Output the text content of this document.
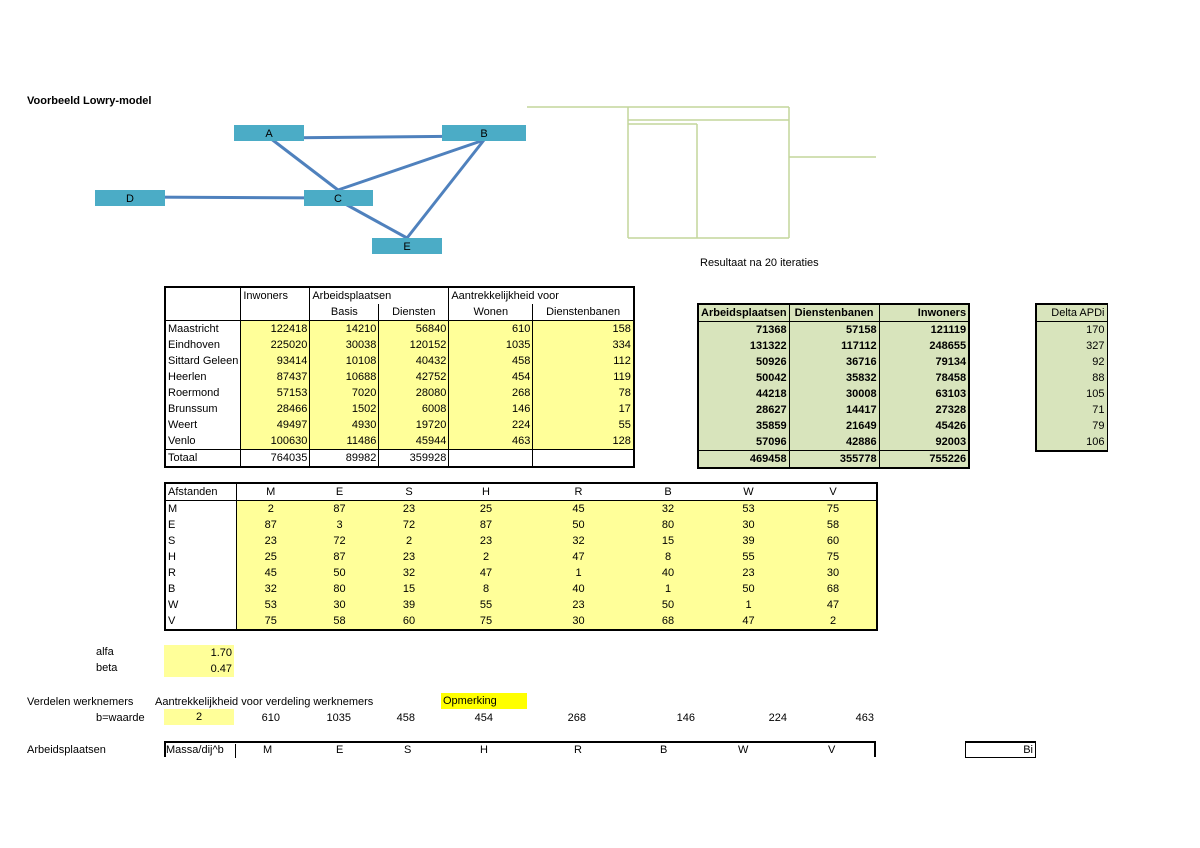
Voorbeeld Lowry-model
A	B
C
D
E
Resultaat na 20 iteraties
	Inwoners	Arbeidsplaatsen		Aantrekkelijkheid voor	
		Basis	Diensten	Wonen	Dienstenbanen
Maastricht	122418	14210	56840	610	158
Eindhoven	225020	30038	120152	1035	334
Sittard Geleen	93414	10108	40432	458	112
Heerlen	87437	10688	42752	454	119
Roermond	57153	7020	28080	268	78
Brunssum	28466	1502	6008	146	17
Weert	49497	4930	19720	224	55
Venlo	100630	11486	45944	463	128
Totaal	764035	89982	359928		
Arbeidsplaatsen	Dienstenbanen	Inwoners
71368	57158	121119
131322	117112	248655
50926	36716	79134
50042	35832	78458
44218	30008	63103
28627	14417	27328
35859	21649	45426
57096	42886	92003
469458	355778	755226
Delta APDi
170
327
92
88
105
71
79
106
Afstanden	M	E	S	H	R	B	W	V
M	2	87	23	25	45	32	53	75
E	87	3	72	87	50	80	30	58
S	23	72	2	23	32	15	39	60
H	25	87	23	2	47	8	55	75
R	45	50	32	47	1	40	23	30
B	32	80	15	8	40	1	50	68
W	53	30	39	55	23	50	1	47
V	75	58	60	75	30	68	47	2
alfa	1.70
beta	0.47
Verdelen werknemers Aantrekkelijkheid voor verdeling werknemers	Opmerking
b=waarde	2	610	1035	458	454	268	146	224	463
Arbeidsplaatsen	Massa/dij^b	M	E	S	H	R	B	W	V	Bi
